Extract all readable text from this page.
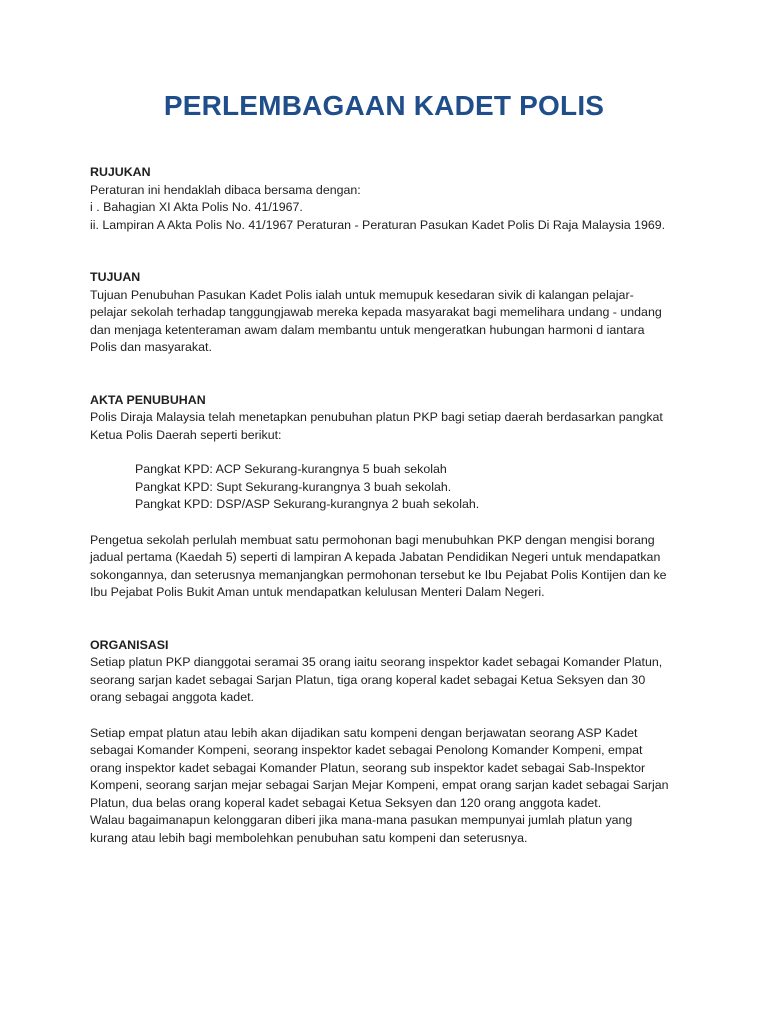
PERLEMBAGAAN KADET POLIS

RUJUKAN

Peraturan ini hendaklah dibaca bersama dengan:

i . Bahagian XI Akta Polis No. 41/1967.

ii. Lampiran A Akta Polis No. 41/1967 Peraturan - Peraturan Pasukan Kadet Polis Di Raja Malaysia 1969.

TUJUAN

Tujuan Penubuhan Pasukan Kadet Polis ialah untuk memupuk kesedaran sivik di kalangan pelajar-

pelajar sekolah terhadap tanggungjawab mereka kepada masyarakat bagi memelihara undang - undang

dan menjaga ketenteraman awam dalam membantu untuk mengeratkan hubungan harmoni d iantara

Polis dan masyarakat.

AKTA PENUBUHAN

Polis Diraja Malaysia telah menetapkan penubuhan platun PKP bagi setiap daerah berdasarkan pangkat

Ketua Polis Daerah seperti berikut:

Pangkat KPD: ACP Sekurang-kurangnya 5 buah sekolah

Pangkat KPD: Supt Sekurang-kurangnya 3 buah sekolah.

Pangkat KPD: DSP/ASP Sekurang-kurangnya 2 buah sekolah.

Pengetua sekolah perlulah membuat satu permohonan bagi menubuhkan PKP dengan mengisi borang

jadual pertama (Kaedah 5) seperti di lampiran A kepada Jabatan Pendidikan Negeri untuk mendapatkan

sokongannya, dan seterusnya memanjangkan permohonan tersebut ke Ibu Pejabat Polis Kontijen dan ke

Ibu Pejabat Polis Bukit Aman untuk mendapatkan kelulusan Menteri Dalam Negeri.

ORGANISASI

Setiap platun PKP dianggotai seramai 35 orang iaitu seorang inspektor kadet sebagai Komander Platun,

seorang sarjan kadet sebagai Sarjan Platun, tiga orang koperal kadet sebagai Ketua Seksyen dan 30

orang sebagai anggota kadet.

Setiap empat platun atau lebih akan dijadikan satu kompeni dengan berjawatan seorang ASP Kadet

sebagai Komander Kompeni, seorang inspektor kadet sebagai Penolong Komander Kompeni, empat

orang inspektor kadet sebagai Komander Platun, seorang sub inspektor kadet sebagai Sab-Inspektor

Kompeni, seorang sarjan mejar sebagai Sarjan Mejar Kompeni, empat orang sarjan kadet sebagai Sarjan

Platun, dua belas orang koperal kadet sebagai Ketua Seksyen dan 120 orang anggota kadet.

Walau bagaimanapun kelonggaran diberi jika mana-mana pasukan mempunyai jumlah platun yang

kurang atau lebih bagi membolehkan penubuhan satu kompeni dan seterusnya.
